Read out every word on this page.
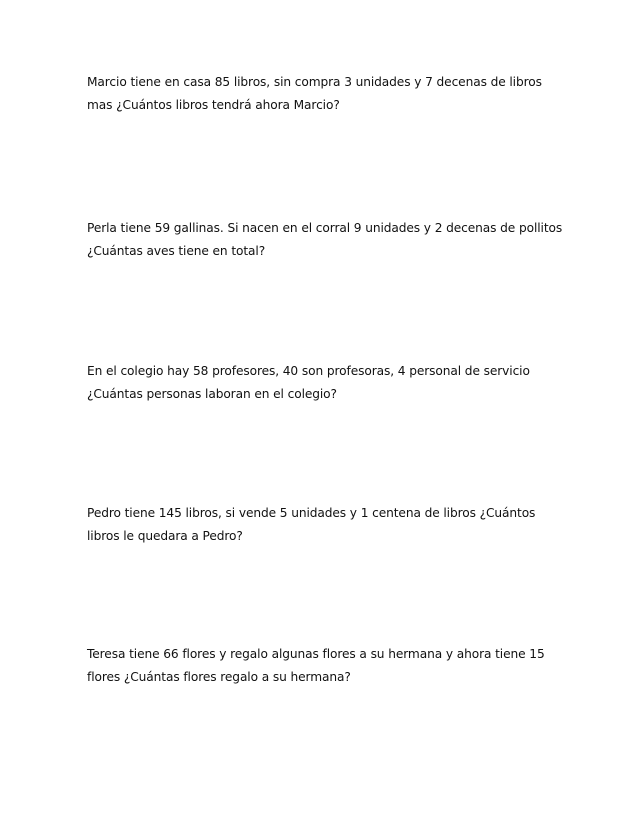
Marcio tiene en casa 85 libros, sin compra 3 unidades y 7 decenas de libros
mas ¿Cuántos libros tendrá ahora Marcio?
Perla tiene 59 gallinas. Si nacen en el corral 9 unidades y 2 decenas de pollitos
¿Cuántas aves tiene en total?
En el colegio hay 58 profesores, 40 son profesoras, 4 personal de servicio
¿Cuántas personas laboran en el colegio?
Pedro tiene 145 libros, si vende 5 unidades y 1 centena de libros ¿Cuántos
libros le quedara a Pedro?
Teresa tiene 66 flores y regalo algunas flores a su hermana y ahora tiene 15
flores ¿Cuántas flores regalo a su hermana?
